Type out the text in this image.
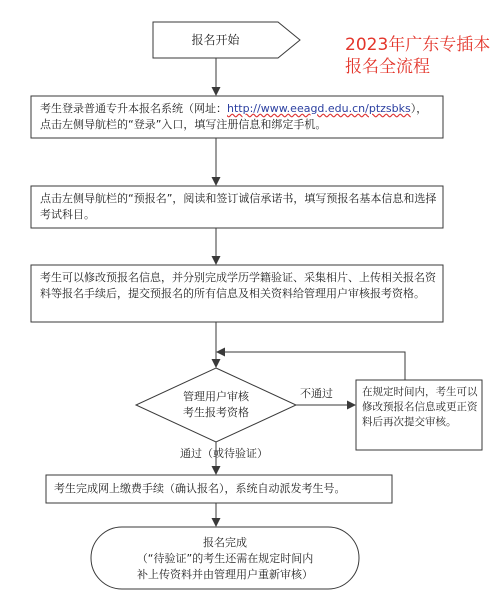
2023年广东专插本
报名全流程
报名开始
考生登录普通专升本报名系统（网址：http://www.eeagd.edu.cn/ptzsbks），点击左侧导航栏的“登录”入口，填写注册信息和绑定手机。
点击左侧导航栏的“预报名”，阅读和签订诚信承诺书，填写预报名基本信息和选择考试科目。
考生可以修改预报名信息，并分别完成学历学籍验证、采集相片、上传相关报名资料等报名手续后，提交预报名的所有信息及相关资料给管理用户审核报考资格。
管理用户审核
考生报考资格
不通过
通过（或待验证）
在规定时间内，考生可以修改预报名信息或更正资料后再次提交审核。
考生完成网上缴费手续（确认报名），系统自动派发考生号。
报名完成
（“待验证”的考生还需在规定时间内
补上传资料并由管理用户重新审核）
